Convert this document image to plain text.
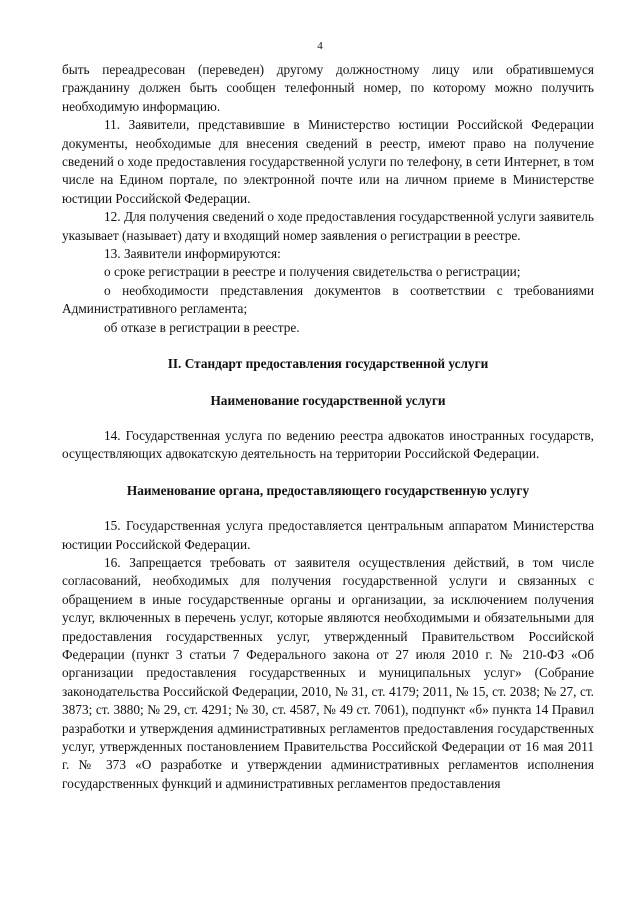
4

быть переадресован (переведен) другому должностному лицу или обратившемуся гражданину должен быть сообщен телефонный номер, по которому можно получить необходимую информацию.

11. Заявители, представившие в Министерство юстиции Российской Федерации документы, необходимые для внесения сведений в реестр, имеют право на получение сведений о ходе предоставления государственной услуги по телефону, в сети Интернет, в том числе на Едином портале, по электронной почте или на личном приеме в Министерстве юстиции Российской Федерации.

12. Для получения сведений о ходе предоставления государственной услуги заявитель указывает (называет) дату и входящий номер заявления о регистрации в реестре.

13. Заявители информируются:

о сроке регистрации в реестре и получения свидетельства о регистрации;

о необходимости представления документов в соответствии с требованиями Административного регламента;

об отказе в регистрации в реестре.

II. Стандарт предоставления государственной услуги

Наименование государственной услуги

14. Государственная услуга по ведению реестра адвокатов иностранных государств, осуществляющих адвокатскую деятельность на территории Российской Федерации.

Наименование органа, предоставляющего государственную услугу

15. Государственная услуга предоставляется центральным аппаратом Министерства юстиции Российской Федерации.

16. Запрещается требовать от заявителя осуществления действий, в том числе согласований, необходимых для получения государственной услуги и связанных с обращением в иные государственные органы и организации, за исключением получения услуг, включенных в перечень услуг, которые являются необходимыми и обязательными для предоставления государственных услуг, утвержденный Правительством Российской Федерации (пункт 3 статьи 7 Федерального закона от 27 июля 2010 г. № 210-ФЗ «Об организации предоставления государственных и муниципальных услуг» (Собрание законодательства Российской Федерации, 2010, № 31, ст. 4179; 2011, № 15, ст. 2038; № 27, ст. 3873; ст. 3880; № 29, ст. 4291; № 30, ст. 4587, № 49 ст. 7061), подпункт «б» пункта 14 Правил разработки и утверждения административных регламентов предоставления государственных услуг, утвержденных постановлением Правительства Российской Федерации от 16 мая 2011 г. № 373 «О разработке и утверждении административных регламентов исполнения государственных функций и административных регламентов предоставления
